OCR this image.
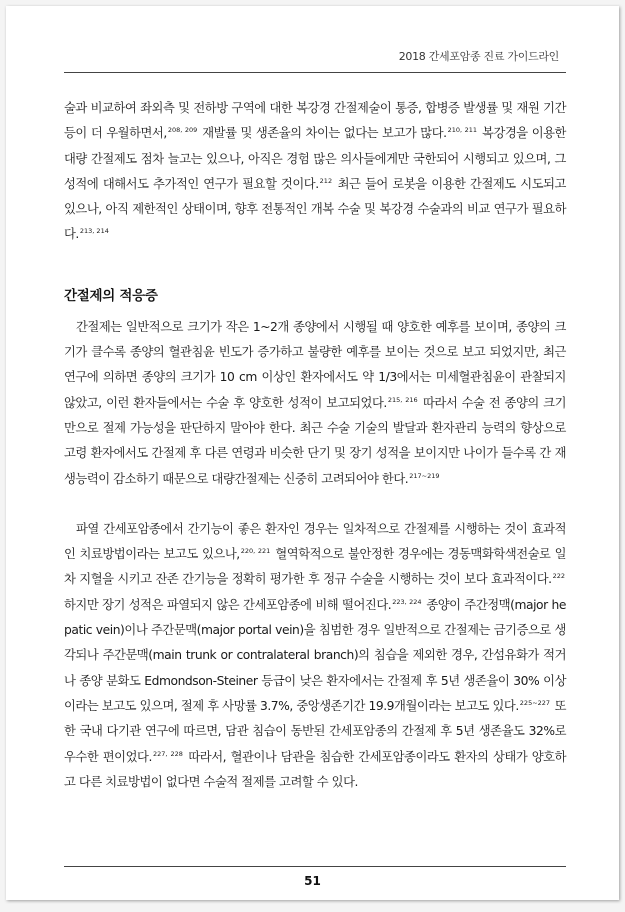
2018 간세포암종 진료 가이드라인

술과 비교하여 좌외측 및 전하방 구역에 대한 복강경 간절제술이 통증, 합병증 발생률 및 재원 기간 등이 더 우월하면서,$^{208, 209}$ 재발률 및 생존율의 차이는 없다는 보고가 많다.$^{210, 211}$ 복강경을 이용한 대량 간절제도 점차 늘고는 있으나, 아직은 경험 많은 의사들에게만 국한되어 시행되고 있으며, 그 성적에 대해서도 추가적인 연구가 필요할 것이다.$^{212}$ 최근 들어 로봇을 이용한 간절제도 시도되고 있으나, 아직 제한적인 상태이며, 향후 전통적인 개복 수술 및 복강경 수술과의 비교 연구가 필요하다.$^{213, 214}$

간절제의 적응증

간절제는 일반적으로 크기가 작은 1~2개 종양에서 시행될 때 양호한 예후를 보이며, 종양의 크기가 클수록 종양의 혈관침윤 빈도가 증가하고 불량한 예후를 보이는 것으로 보고 되었지만, 최근 연구에 의하면 종양의 크기가 10 cm 이상인 환자에서도 약 1/3에서는 미세혈관침윤이 관찰되지 않았고, 이런 환자들에서는 수술 후 양호한 성적이 보고되었다.$^{215, 216}$ 따라서 수술 전 종양의 크기만으로 절제 가능성을 판단하지 말아야 한다. 최근 수술 기술의 발달과 환자관리 능력의 향상으로 고령 환자에서도 간절제 후 다른 연령과 비슷한 단기 및 장기 성적을 보이지만 나이가 들수록 간 재생능력이 감소하기 때문으로 대량간절제는 신중히 고려되어야 한다.$^{217\sim 219}$

파열 간세포암종에서 간기능이 좋은 환자인 경우는 일차적으로 간절제를 시행하는 것이 효과적인 치료방법이라는 보고도 있으나,$^{220, 221}$ 혈역학적으로 불안정한 경우에는 경동맥화학색전술로 일차 지혈을 시키고 잔존 간기능을 정확히 평가한 후 정규 수술을 시행하는 것이 보다 효과적이다.$^{222}$ 하지만 장기 성적은 파열되지 않은 간세포암종에 비해 떨어진다.$^{223, 224}$ 종양이 주간정맥(major hepatic vein)이나 주간문맥(major portal vein)을 침범한 경우 일반적으로 간절제는 금기증으로 생각되나 주간문맥(main trunk or contralateral branch)의 침습을 제외한 경우, 간섬유화가 적거나 종양 분화도 Edmondson-Steiner 등급이 낮은 환자에서는 간절제 후 5년 생존율이 30% 이상이라는 보고도 있으며, 절제 후 사망률 3.7%, 중앙생존기간 19.9개월이라는 보고도 있다.$^{225\sim 227}$ 또한 국내 다기관 연구에 따르면, 담관 침습이 동반된 간세포암종의 간절제 후 5년 생존율도 32%로 우수한 편이었다.$^{227, 228}$ 따라서, 혈관이나 담관을 침습한 간세포암종이라도 환자의 상태가 양호하고 다른 치료방법이 없다면 수술적 절제를 고려할 수 있다.

51
